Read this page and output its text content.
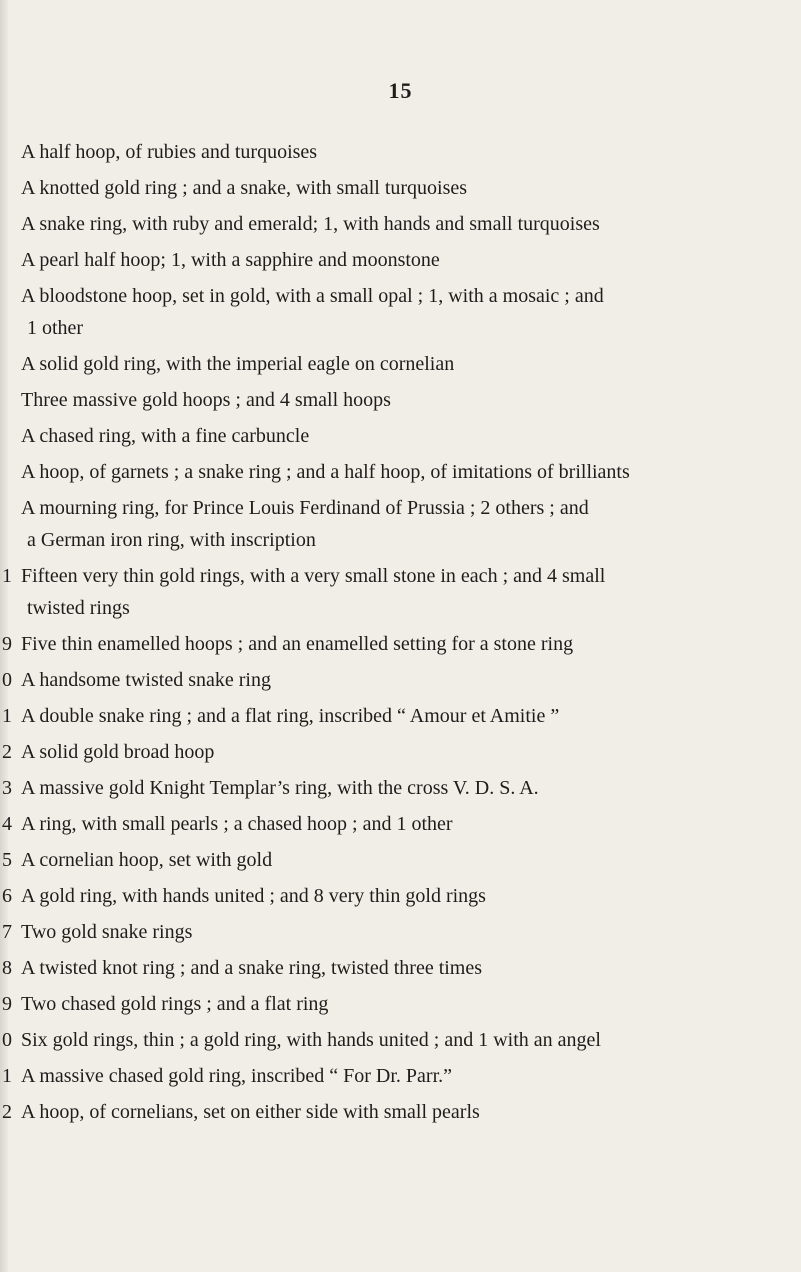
15
A half hoop, of rubies and turquoises
A knotted gold ring ; and a snake, with small turquoises
A snake ring, with ruby and emerald; 1, with hands and small turquoises
A pearl half hoop; 1, with a sapphire and moonstone
A bloodstone hoop, set in gold, with a small opal ; 1, with a mosaic ; and
1 other
A solid gold ring, with the imperial eagle on cornelian
Three massive gold hoops ; and 4 small hoops
A chased ring, with a fine carbuncle
A hoop, of garnets ; a snake ring ; and a half hoop, of imitations of brilliants
A mourning ring, for Prince Louis Ferdinand of Prussia ; 2 others ; and
a German iron ring, with inscription
1 Fifteen very thin gold rings, with a very small stone in each ; and 4 small
twisted rings
9 Five thin enamelled hoops ; and an enamelled setting for a stone ring
0 A handsome twisted snake ring
1 A double snake ring ; and a flat ring, inscribed “ Amour et Amitie ”
2 A solid gold broad hoop
3 A massive gold Knight Templar’s ring, with the cross V. D. S. A.
4 A ring, with small pearls ; a chased hoop ; and 1 other
5 A cornelian hoop, set with gold
6 A gold ring, with hands united ; and 8 very thin gold rings
7 Two gold snake rings
8 A twisted knot ring ; and a snake ring, twisted three times
9 Two chased gold rings ; and a flat ring
0 Six gold rings, thin ; a gold ring, with hands united ; and 1 with an angel
1 A massive chased gold ring, inscribed “ For Dr. Parr.”
2 A hoop, of cornelians, set on either side with small pearls
